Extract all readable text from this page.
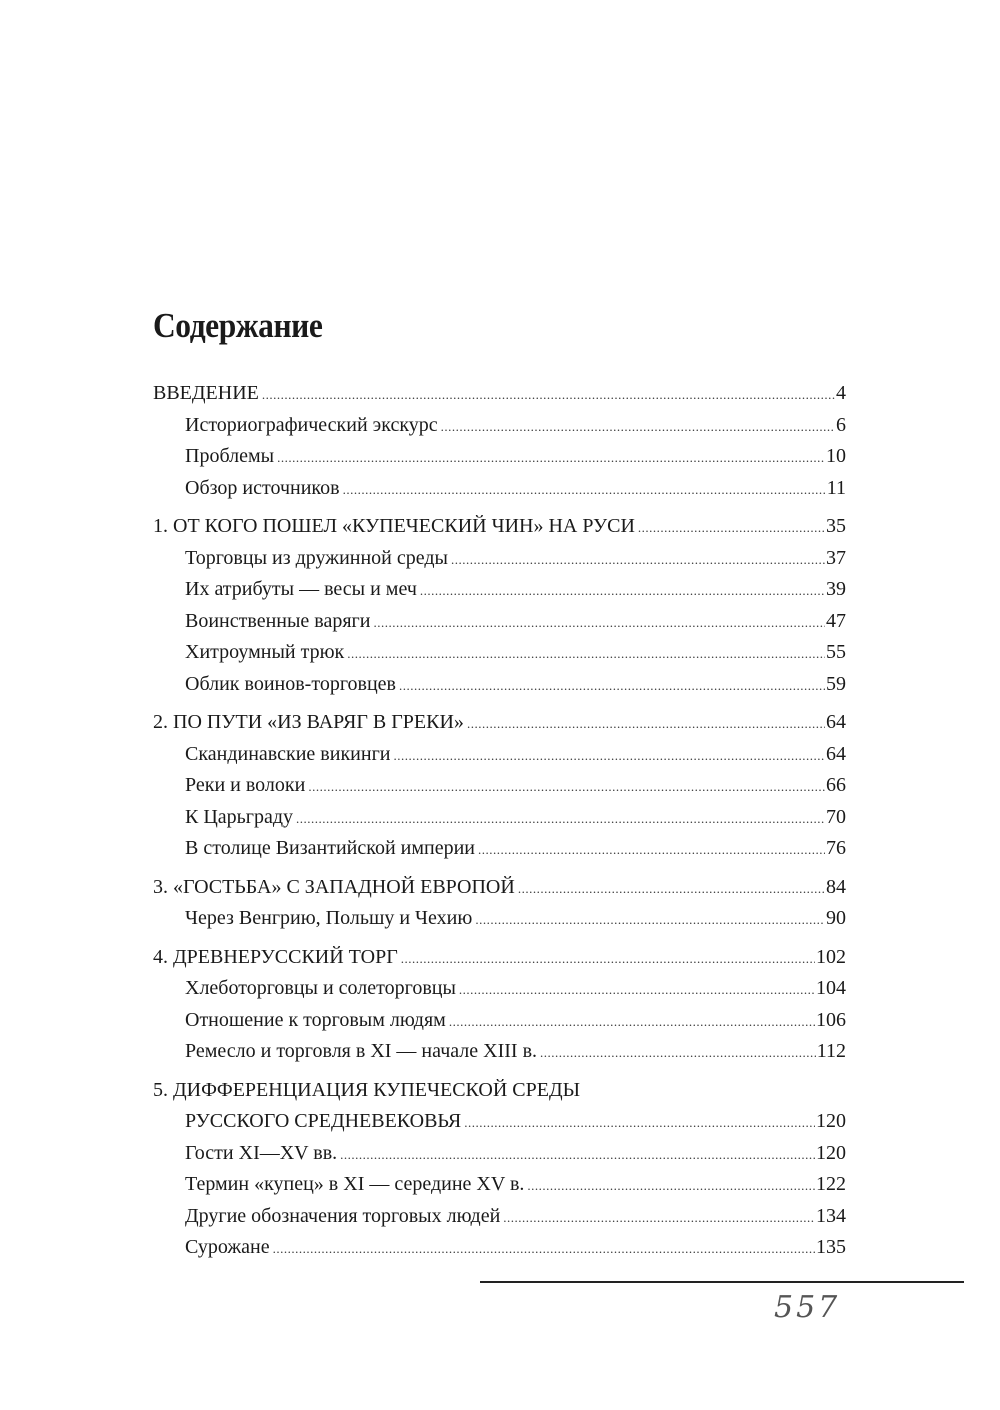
Содержание
ВВЕДЕНИЕ .....	4
Историографический экскурс .....	6
Проблемы .....	10
Обзор источников .....	11
1. ОТ КОГО ПОШЕЛ «КУПЕЧЕСКИЙ ЧИН» НА РУСИ .....	35
Торговцы из дружинной среды .....	37
Их атрибуты — весы и меч .....	39
Воинственные варяги .....	47
Хитроумный трюк .....	55
Облик воинов-торговцев .....	59
2. ПО ПУТИ «ИЗ ВАРЯГ В ГРЕКИ» .....	64
Скандинавские викинги .....	64
Реки и волоки .....	66
К Царьграду .....	70
В столице Византийской империи .....	76
3. «ГОСТЬБА» С ЗАПАДНОЙ ЕВРОПОЙ .....	84
Через Венгрию, Польшу и Чехию .....	90
4. ДРЕВНЕРУССКИЙ ТОРГ .....	102
Хлеботорговцы и солеторговцы .....	104
Отношение к торговым людям .....	106
Ремесло и торговля в XI — начале XIII в. .....	112
5. ДИФФЕРЕНЦИАЦИЯ КУПЕЧЕСКОЙ СРЕДЫ
РУССКОГО СРЕДНЕВЕКОВЬЯ .....	120
Гости XI—XV вв. .....	120
Термин «купец» в XI — середине XV в. .....	122
Другие обозначения торговых людей .....	134
Сурожане .....	135
557
